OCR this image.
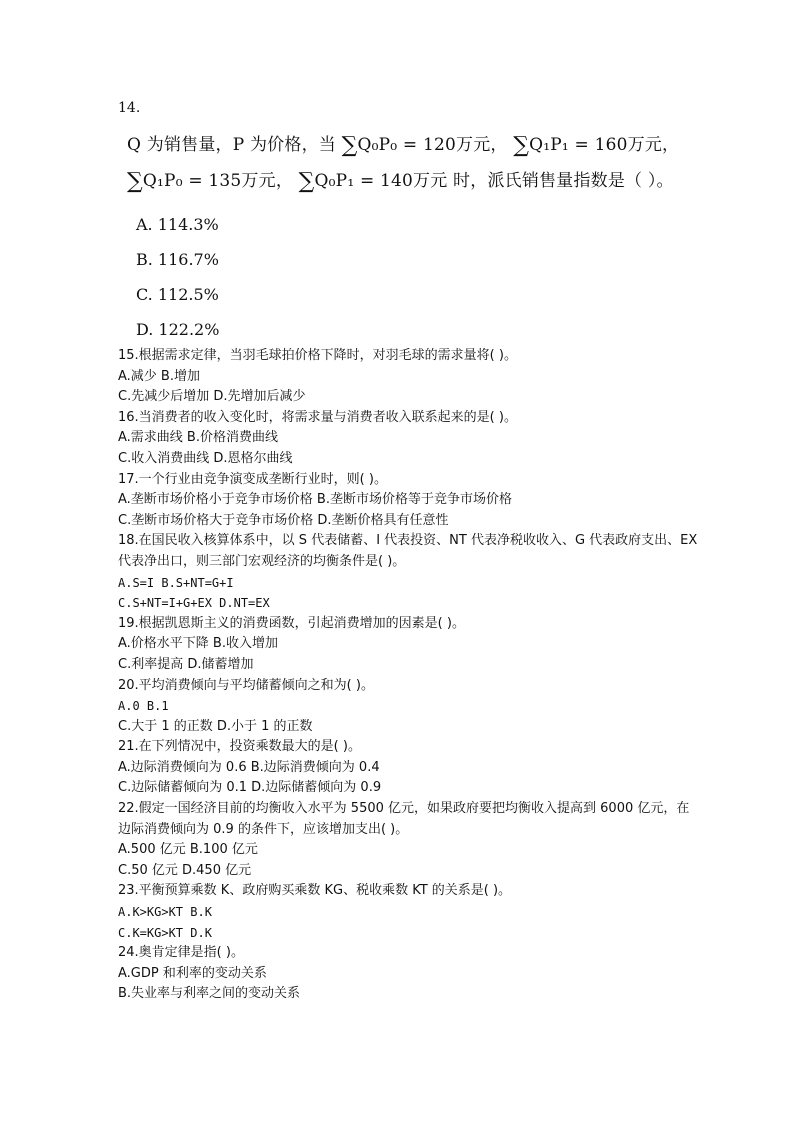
14.
Q 为销售量，P 为价格，当 ∑Q₀P₀ = 120万元， ∑Q₁P₁ = 160万元，
∑Q₁P₀ = 135万元， ∑Q₀P₁ = 140万元 时，派氏销售量指数是（ ）。
A. 114.3%
B. 116.7%
C. 112.5%
D. 122.2%
15.根据需求定律，当羽毛球拍价格下降时，对羽毛球的需求量将( )。
A.减少 B.增加
C.先减少后增加 D.先增加后减少
16.当消费者的收入变化时，将需求量与消费者收入联系起来的是( )。
A.需求曲线 B.价格消费曲线
C.收入消费曲线 D.恩格尔曲线
17.一个行业由竞争演变成垄断行业时，则( )。
A.垄断市场价格小于竞争市场价格 B.垄断市场价格等于竞争市场价格
C.垄断市场价格大于竞争市场价格 D.垄断价格具有任意性
18.在国民收入核算体系中，以 S 代表储蓄、I 代表投资、NT 代表净税收收入、G 代表政府支出、EX 代表净出口，则三部门宏观经济的均衡条件是( )。
A.S=I B.S+NT=G+I
C.S+NT=I+G+EX D.NT=EX
19.根据凯恩斯主义的消费函数，引起消费增加的因素是( )。
A.价格水平下降 B.收入增加
C.利率提高 D.储蓄增加
20.平均消费倾向与平均储蓄倾向之和为( )。
A.0 B.1
C.大于 1 的正数 D.小于 1 的正数
21.在下列情况中，投资乘数最大的是( )。
A.边际消费倾向为 0.6 B.边际消费倾向为 0.4
C.边际储蓄倾向为 0.1 D.边际储蓄倾向为 0.9
22.假定一国经济目前的均衡收入水平为 5500 亿元，如果政府要把均衡收入提高到 6000 亿元，在边际消费倾向为 0.9 的条件下，应该增加支出( )。
A.500 亿元 B.100 亿元
C.50 亿元 D.450 亿元
23.平衡预算乘数 K、政府购买乘数 KG、税收乘数 KT 的关系是( )。
A.K>KG>KT B.K
C.K=KG>KT D.K
24.奥肯定律是指( )。
A.GDP 和利率的变动关系
B.失业率与利率之间的变动关系
